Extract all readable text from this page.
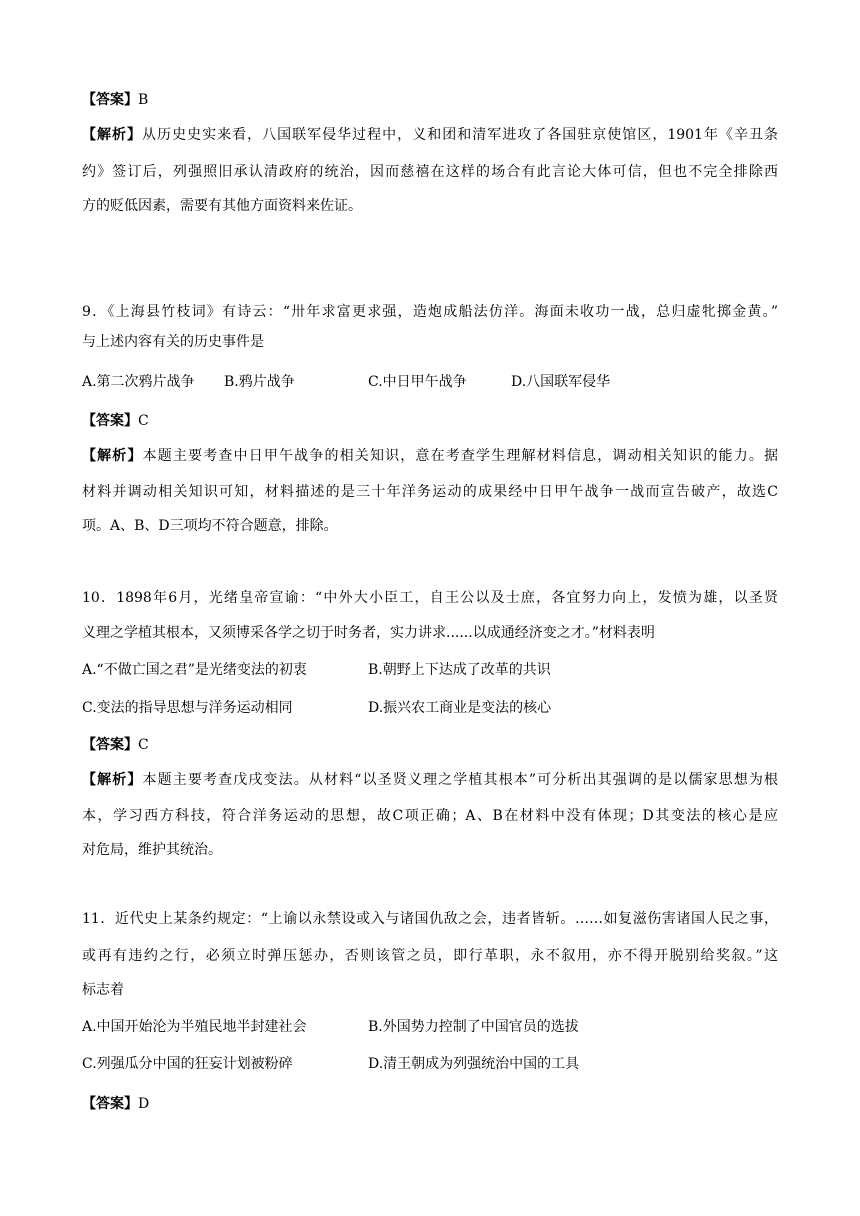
【答案】B
【解析】从历史史实来看，八国联军侵华过程中，义和团和清军进攻了各国驻京使馆区，1901年《辛丑条
约》签订后，列强照旧承认清政府的统治，因而慈禧在这样的场合有此言论大体可信，但也不完全排除西
方的贬低因素，需要有其他方面资料来佐证。
9．《上海县竹枝词》有诗云：“卅年求富更求强，造炮成船法仿洋。海面未收功一战，总归虚牝掷金黄。”
与上述内容有关的历史事件是
A.第二次鸦片战争 B.鸦片战争	C.中日甲午战争	D.八国联军侵华
【答案】C
【解析】本题主要考查中日甲午战争的相关知识，意在考查学生理解材料信息，调动相关知识的能力。据
材料并调动相关知识可知，材料描述的是三十年洋务运动的成果经中日甲午战争一战而宣告破产，故选C
项。A、B、D三项均不符合题意，排除。
10．1898年6月，光绪皇帝宣谕：“中外大小臣工，自王公以及士庶，各宜努力向上，发愤为雄，以圣贤
义理之学植其根本，又须博采各学之切于时务者，实力讲求......以成通经济变之才。”材料表明
A.“不做亡国之君”是光绪变法的初衷	B.朝野上下达成了改革的共识
C.变法的指导思想与洋务运动相同	D.振兴农工商业是变法的核心
【答案】C
【解析】本题主要考查戊戌变法。从材料“以圣贤义理之学植其根本”可分析出其强调的是以儒家思想为根
本，学习西方科技，符合洋务运动的思想，故C项正确；A、B在材料中没有体现；D其变法的核心是应
对危局，维护其统治。
11．近代史上某条约规定：“上谕以永禁设或入与诸国仇敌之会，违者皆斩。……如复滋伤害诸国人民之事，
或再有违约之行，必须立时弹压惩办，否则该管之员，即行革职，永不叙用，亦不得开脱别给奖叙。”这
标志着
A.中国开始沦为半殖民地半封建社会	B.外国势力控制了中国官员的选拔
C.列强瓜分中国的狂妄计划被粉碎	D.清王朝成为列强统治中国的工具
【答案】D
